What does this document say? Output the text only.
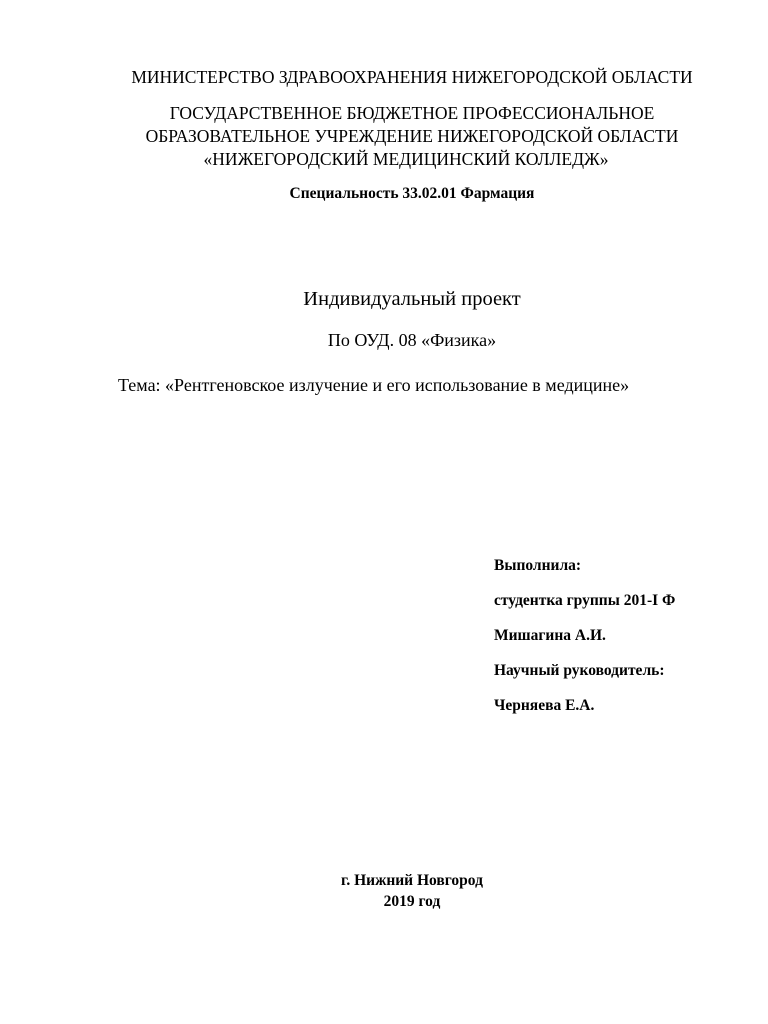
МИНИСТЕРСТВО ЗДРАВООХРАНЕНИЯ НИЖЕГОРОДСКОЙ ОБЛАСТИ
ГОСУДАРСТВЕННОЕ БЮДЖЕТНОЕ ПРОФЕССИОНАЛЬНОЕ
ОБРАЗОВАТЕЛЬНОЕ УЧРЕЖДЕНИЕ НИЖЕГОРОДСКОЙ ОБЛАСТИ
«НИЖЕГОРОДСКИЙ МЕДИЦИНСКИЙ КОЛЛЕДЖ»
Специальность 33.02.01 Фармация
Индивидуальный проект
По ОУД. 08 «Физика»
Тема: «Рентгеновское излучение и его использование в медицине»
Выполнила:
студентка группы 201-I Ф
Мишагина А.И.
Научный руководитель:
Черняева Е.А.
г. Нижний Новгород
2019 год
